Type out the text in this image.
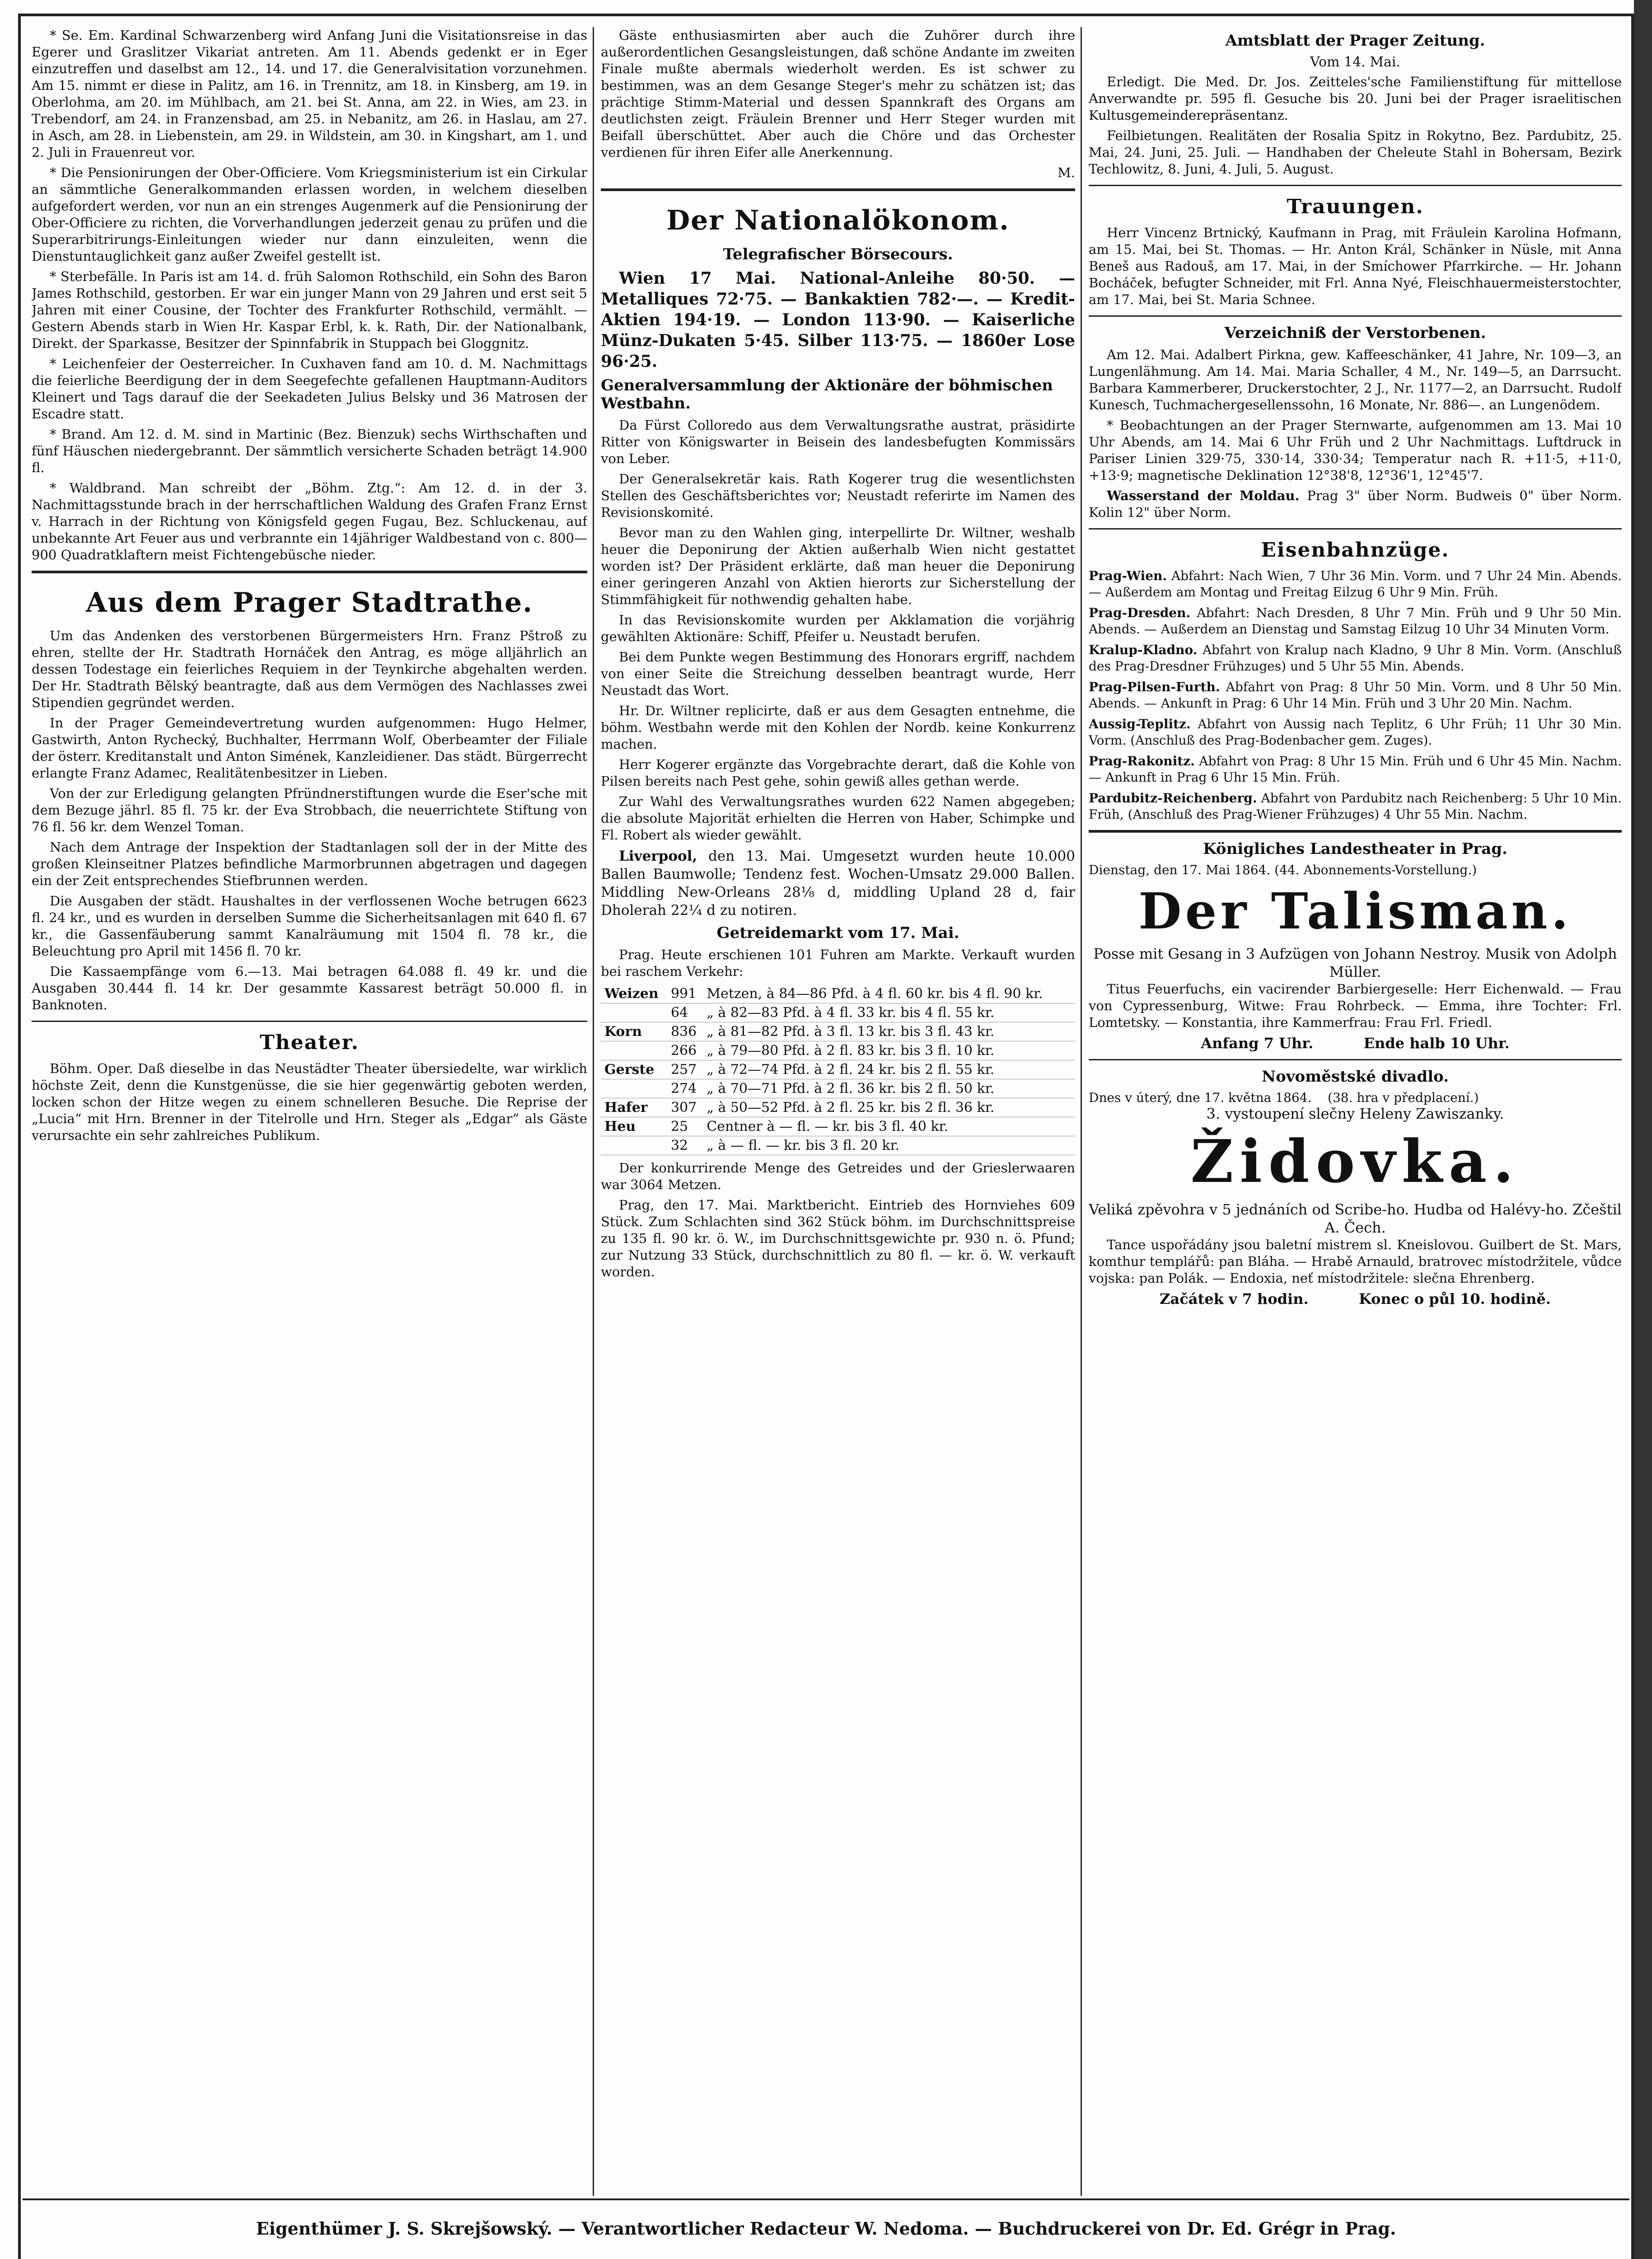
* Se. Em. Kardinal Schwarzenberg wird Anfang Juni die Visitationsreise in das Egerer und Graslitzer Vikariat antreten. Am 11. Abends gedenkt er in Eger einzutreffen und daselbst am 12., 14. und 17. die Generalvisitation vorzunehmen. Am 15. nimmt er diese in Palitz, am 16. in Trennitz, am 18. in Kinsberg, am 19. in Oberlohma, am 20. im Mühlbach, am 21. bei St. Anna, am 22. in Wies, am 23. in Trebendorf, am 24. in Franzensbad, am 25. in Nebanitz, am 26. in Haslau, am 27. in Asch, am 28. in Liebenstein, am 29. in Wildstein, am 30. in Kingshart, am 1. und 2. Juli in Frauenreut vor.

* Die Pensionirungen der Ober-Officiere. Vom Kriegsministerium ist ein Cirkular an sämmtliche Generalkommanden erlassen worden, in welchem dieselben aufgefordert werden, vor nun an ein strenges Augenmerk auf die Pensionirung der Ober-Officiere zu richten, die Vorverhandlungen jederzeit genau zu prüfen und die Superarbitrirungs-Einleitungen wieder nur dann einzuleiten, wenn die Dienstuntauglichkeit ganz außer Zweifel gestellt ist.

* Sterbefälle. In Paris ist am 14. d. früh Salomon Rothschild, ein Sohn des Baron James Rothschild, gestorben. Er war ein junger Mann von 29 Jahren und erst seit 5 Jahren mit einer Cousine, der Tochter des Frankfurter Rothschild, vermählt. — Gestern Abends starb in Wien Hr. Kaspar Erbl, k. k. Rath, Dir. der Nationalbank, Direkt. der Sparkasse, Besitzer der Spinnfabrik in Stuppach bei Gloggnitz.

* Leichenfeier der Oesterreicher. In Cuxhaven fand am 10. d. M. Nachmittags die feierliche Beerdigung der in dem Seegefechte gefallenen Hauptmann-Auditors Kleinert und Tags darauf die der Seekadeten Julius Belsky und 36 Matrosen der Escadre statt.

* Brand. Am 12. d. M. sind in Martinic (Bez. Bienzuk) sechs Wirthschaften und fünf Häuschen niedergebrannt. Der sämmtlich versicherte Schaden beträgt 14.900 fl.

* Waldbrand. Man schreibt der „Böhm. Ztg.“: Am 12. d. in der 3. Nachmittagsstunde brach in der herrschaftlichen Waldung des Grafen Franz Ernst v. Harrach in der Richtung von Königsfeld gegen Fugau, Bez. Schluckenau, auf unbekannte Art Feuer aus und verbrannte ein 14jähriger Waldbestand von c. 800—900 Quadratklaftern meist Fichtengebüsche nieder.

Aus dem Prager Stadtrathe.

Um das Andenken des verstorbenen Bürgermeisters Hrn. Franz Pštroß zu ehren, stellte der Hr. Stadtrath Hornáček den Antrag, es möge alljährlich an dessen Todestage ein feierliches Requiem in der Teynkirche abgehalten werden. Der Hr. Stadtrath Bělský beantragte, daß aus dem Vermögen des Nachlasses zwei Stipendien gegründet werden.

In der Prager Gemeindevertretung wurden aufgenommen: Hugo Helmer, Gastwirth, Anton Rychecký, Buchhalter, Herrmann Wolf, Oberbeamter der Filiale der österr. Kreditanstalt und Anton Simének, Kanzleidiener. Das städt. Bürgerrecht erlangte Franz Adamec, Realitätenbesitzer in Lieben.

Von der zur Erledigung gelangten Pfründnerstiftungen wurde die Eser'sche mit dem Bezuge jährl. 85 fl. 75 kr. der Eva Strobbach, die neuerrichtete Stiftung von 76 fl. 56 kr. dem Wenzel Toman.

Nach dem Antrage der Inspektion der Stadtanlagen soll der in der Mitte des großen Kleinseitner Platzes befindliche Marmorbrunnen abgetragen und dagegen ein der Zeit entsprechendes Stiefbrunnen werden.

Die Ausgaben der städt. Haushaltes in der verflossenen Woche betrugen 6623 fl. 24 kr., und es wurden in derselben Summe die Sicherheitsanlagen mit 640 fl. 67 kr., die Gassenfäuberung sammt Kanalräumung mit 1504 fl. 78 kr., die Beleuchtung pro April mit 1456 fl. 70 kr.

Die Kassaempfänge vom 6.—13. Mai betragen 64.088 fl. 49 kr. und die Ausgaben 30.444 fl. 14 kr. Der gesammte Kassarest beträgt 50.000 fl. in Banknoten.

Theater.

Böhm. Oper. Daß dieselbe in das Neustädter Theater übersiedelte, war wirklich höchste Zeit, denn die Kunstgenüsse, die sie hier gegenwärtig geboten werden, locken schon der Hitze wegen zu einem schnelleren Besuche. Die Reprise der „Lucia“ mit Hrn. Brenner in der Titelrolle und Hrn. Steger als „Edgar“ als Gäste verursachte ein sehr zahlreiches Publikum.

Gäste enthusiasmirten aber auch die Zuhörer durch ihre außerordentlichen Gesangsleistungen, daß schöne Andante im zweiten Finale mußte abermals wiederholt werden. Es ist schwer zu bestimmen, was an dem Gesange Steger's mehr zu schätzen ist; das prächtige Stimm-Material und dessen Spannkraft des Organs am deutlichsten zeigt. Fräulein Brenner und Herr Steger wurden mit Beifall überschüttet. Aber auch die Chöre und das Orchester verdienen für ihren Eifer alle Anerkennung.

M.

Der Nationalökonom.
Telegrafischer Börsecours.

Wien 17 Mai. National-Anleihe 80·50. — Metalliques 72·75. — Bankaktien 782·—. — Kredit-Aktien 194·19. — London 113·90. — Kaiserliche Münz-Dukaten 5·45. Silber 113·75. — 1860er Lose 96·25.

Generalversammlung der Aktionäre der böhmischen Westbahn.

Da Fürst Colloredo aus dem Verwaltungsrathe austrat, präsidirte Ritter von Königswarter in Beisein des landesbefugten Kommissärs von Leber.

Der Generalsekretär kais. Rath Kogerer trug die wesentlichsten Stellen des Geschäftsberichtes vor; Neustadt referirte im Namen des Revisionskomité.

Bevor man zu den Wahlen ging, interpellirte Dr. Wiltner, weshalb heuer die Deponirung der Aktien außerhalb Wien nicht gestattet worden ist? Der Präsident erklärte, daß man heuer die Deponirung einer geringeren Anzahl von Aktien hierorts zur Sicherstellung der Stimmfähigkeit für nothwendig gehalten habe.

In das Revisionskomite wurden per Akklamation die vorjährig gewählten Aktionäre: Schiff, Pfeifer u. Neustadt berufen.

Bei dem Punkte wegen Bestimmung des Honorars ergriff, nachdem von einer Seite die Streichung desselben beantragt wurde, Herr Neustadt das Wort.

Hr. Dr. Wiltner replicirte, daß er aus dem Gesagten entnehme, die böhm. Westbahn werde mit den Kohlen der Nordb. keine Konkurrenz machen.

Herr Kogerer ergänzte das Vorgebrachte derart, daß die Kohle von Pilsen bereits nach Pest gehe, sohin gewiß alles gethan werde.

Zur Wahl des Verwaltungsrathes wurden 622 Namen abgegeben; die absolute Majorität erhielten die Herren von Haber, Schimpke und Fl. Robert als wieder gewählt.

Liverpool, den 13. Mai. Umgesetzt wurden heute 10.000 Ballen Baumwolle; Tendenz fest. Wochen-Umsatz 29.000 Ballen. Middling New-Orleans 28⅛ d, middling Upland 28 d, fair Dholerah 22¼ d zu notiren.

Getreidemarkt vom 17. Mai.

Prag. Heute erschienen 101 Fuhren am Markte. Verkauft wurden bei raschem Verkehr:

Weizen	991	Metzen, à 84—86 Pfd. à 4 fl. 60 kr. bis 4 fl. 90 kr.
	64	„ à 82—83 Pfd. à 4 fl. 33 kr. bis 4 fl. 55 kr.
Korn	836	„ à 81—82 Pfd. à 3 fl. 13 kr. bis 3 fl. 43 kr.
	266	„ à 79—80 Pfd. à 2 fl. 83 kr. bis 3 fl. 10 kr.
Gerste	257	„ à 72—74 Pfd. à 2 fl. 24 kr. bis 2 fl. 55 kr.
	274	„ à 70—71 Pfd. à 2 fl. 36 kr. bis 2 fl. 50 kr.
Hafer	307	„ à 50—52 Pfd. à 2 fl. 25 kr. bis 2 fl. 36 kr.
Heu	25	Centner à — fl. — kr. bis 3 fl. 40 kr.
	32	„ à — fl. — kr. bis 3 fl. 20 kr.

Der konkurrirende Menge des Getreides und der Grieslerwaaren war 3064 Metzen.

Prag, den 17. Mai. Marktbericht. Eintrieb des Hornviehes 609 Stück. Zum Schlachten sind 362 Stück böhm. im Durchschnittspreise zu 135 fl. 90 kr. ö. W., im Durchschnittsgewichte pr. 930 n. ö. Pfund; zur Nutzung 33 Stück, durchschnittlich zu 80 fl. — kr. ö. W. verkauft worden.

Amtsblatt der Prager Zeitung.
Vom 14. Mai.

Erledigt. Die Med. Dr. Jos. Zeitteles'sche Familienstiftung für mittellose Anverwandte pr. 595 fl. Gesuche bis 20. Juni bei der Prager israelitischen Kultusgemeinderepräsentanz.

Feilbietungen. Realitäten der Rosalia Spitz in Rokytno, Bez. Pardubitz, 25. Mai, 24. Juni, 25. Juli. — Handhaben der Cheleute Stahl in Bohersam, Bezirk Techlowitz, 8. Juni, 4. Juli, 5. August.

Trauungen.

Herr Vincenz Brtnický, Kaufmann in Prag, mit Fräulein Karolina Hofmann, am 15. Mai, bei St. Thomas. — Hr. Anton Král, Schänker in Nüsle, mit Anna Beneš aus Radouš, am 17. Mai, in der Smíchower Pfarrkirche. — Hr. Johann Bocháček, befugter Schneider, mit Frl. Anna Nyé, Fleischhauermeisterstochter, am 17. Mai, bei St. Maria Schnee.

Verzeichniß der Verstorbenen.

Am 12. Mai. Adalbert Pirkna, gew. Kaffeeschänker, 41 Jahre, Nr. 109—3, an Lungenlähmung. Am 14. Mai. Maria Schaller, 4 M., Nr. 149—5, an Darrsucht. Barbara Kammerberer, Druckerstochter, 2 J., Nr. 1177—2, an Darrsucht. Rudolf Kunesch, Tuchmachergesellenssohn, 16 Monate, Nr. 886—. an Lungenödem.

* Beobachtungen an der Prager Sternwarte, aufgenommen am 13. Mai 10 Uhr Abends, am 14. Mai 6 Uhr Früh und 2 Uhr Nachmittags. Luftdruck in Pariser Linien 329·75, 330·14, 330·34; Temperatur nach R. +11·5, +11·0, +13·9; magnetische Deklination 12°38'8, 12°36'1, 12°45'7.

Wasserstand der Moldau. Prag 3" über Norm. Budweis 0" über Norm. Kolin 12" über Norm.

Eisenbahnzüge.

Prag-Wien. Abfahrt: Nach Wien, 7 Uhr 36 Min. Vorm. und 7 Uhr 24 Min. Abends. — Außerdem am Montag und Freitag Eilzug 6 Uhr 9 Min. Früh.

Prag-Dresden. Abfahrt: Nach Dresden, 8 Uhr 7 Min. Früh und 9 Uhr 50 Min. Abends. — Außerdem an Dienstag und Samstag Eilzug 10 Uhr 34 Minuten Vorm.

Kralup-Kladno. Abfahrt von Kralup nach Kladno, 9 Uhr 8 Min. Vorm. (Anschluß des Prag-Dresdner Frühzuges) und 5 Uhr 55 Min. Abends.

Prag-Pilsen-Furth. Abfahrt von Prag: 8 Uhr 50 Min. Vorm. und 8 Uhr 50 Min. Abends. — Ankunft in Prag: 6 Uhr 14 Min. Früh und 3 Uhr 20 Min. Nachm.

Aussig-Teplitz. Abfahrt von Aussig nach Teplitz, 6 Uhr Früh; 11 Uhr 30 Min. Vorm. (Anschluß des Prag-Bodenbacher gem. Zuges).

Prag-Rakonitz. Abfahrt von Prag: 8 Uhr 15 Min. Früh und 6 Uhr 45 Min. Nachm. — Ankunft in Prag 6 Uhr 15 Min. Früh.

Pardubitz-Reichenberg. Abfahrt von Pardubitz nach Reichenberg: 5 Uhr 10 Min. Früh, (Anschluß des Prag-Wiener Frühzuges) 4 Uhr 55 Min. Nachm.

Königliches Landestheater in Prag.
Dienstag, den 17. Mai 1864. (44. Abonnements-Vorstellung.)
Der Talisman.

Posse mit Gesang in 3 Aufzügen von Johann Nestroy. Musik von Adolph Müller.

Titus Feuerfuchs, ein vacirender Barbiergeselle: Herr Eichenwald. — Frau von Cypressenburg, Witwe: Frau Rohrbeck. — Emma, ihre Tochter: Frl. Lomtetsky. — Konstantia, ihre Kammerfrau: Frau Frl. Friedl.

Anfang 7 Uhr.          Ende halb 10 Uhr.

Novoměstské divadlo.
Dnes v úterý, dne 17. května 1864.    (38. hra v předplacení.)
3. vystoupení slečny Heleny Zawiszanky.
Židovka.

Veliká zpěvohra v 5 jednáních od Scribe-ho. Hudba od Halévy-ho. Zčeštil A. Čech.

Tance uspořádány jsou baletní mistrem sl. Kneislovou. Guilbert de St. Mars, komthur templářů: pan Bláha. — Hrabě Arnauld, bratrovec místodržitele, vůdce vojska: pan Polák. — Endoxia, neť místodržitele: slečna Ehrenberg.

Začátek v 7 hodin.          Konec o půl 10. hodině.

Eigenthümer J. S. Skrejšowský. — Verantwortlicher Redacteur W. Nedoma. — Buchdruckerei von Dr. Ed. Grégr in Prag.
